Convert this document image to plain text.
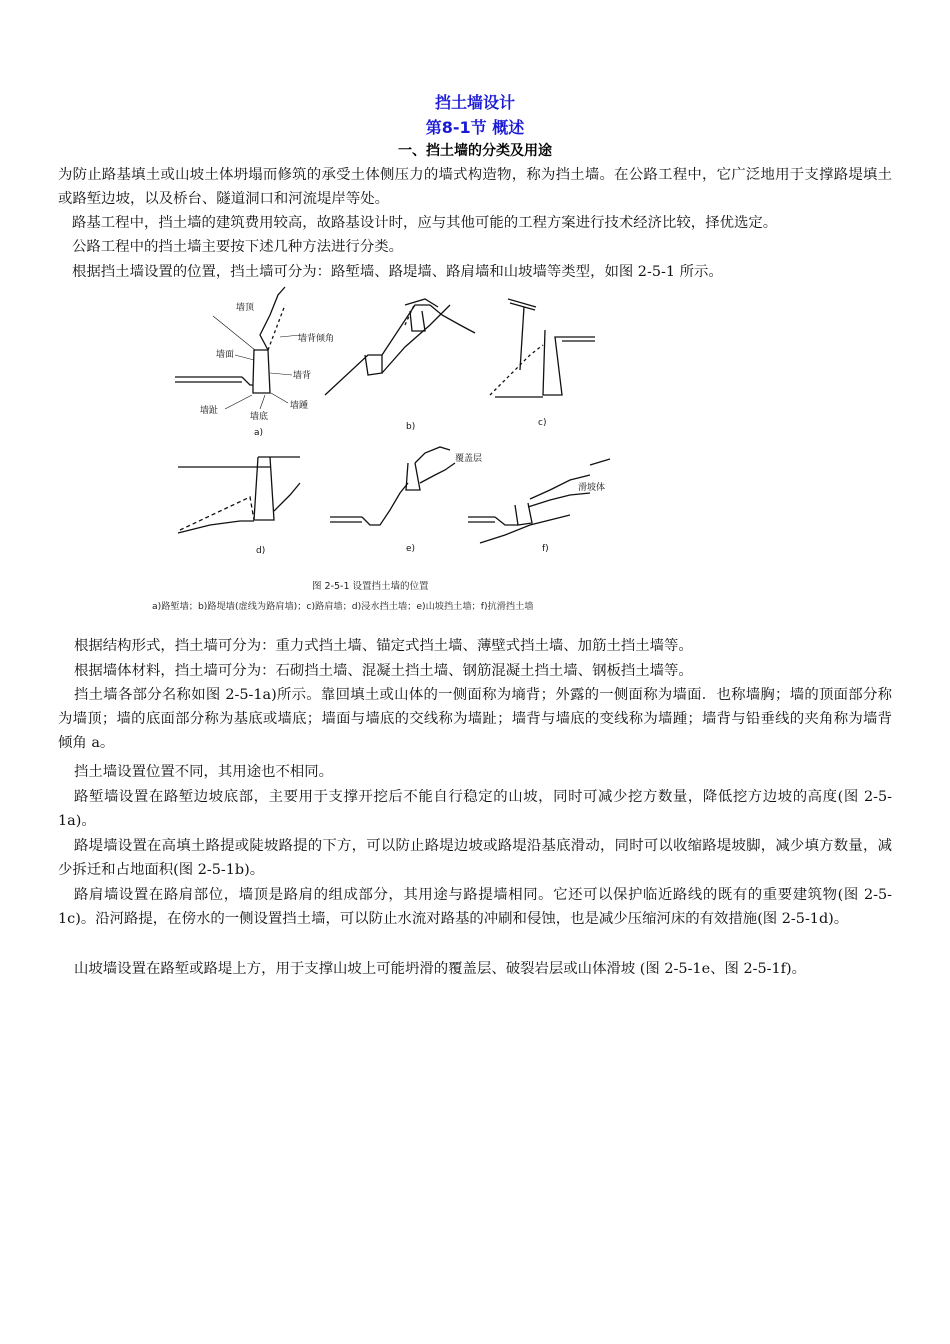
挡土墙设计
第8-1节 概述
一、挡土墙的分类及用途
为防止路基填土或山坡土体坍塌而修筑的承受土体侧压力的墙式构造物，称为挡土墙。在公路工程中，它广泛地用于支撑路堤填土或路堑边坡，以及桥台、隧道洞口和河流堤岸等处。
路基工程中，挡土墙的建筑费用较高，故路基设计时，应与其他可能的工程方案进行技术经济比较，择优选定。
公路工程中的挡土墙主要按下述几种方法进行分类。
根据挡土墙设置的位置，挡土墙可分为：路堑墙、路堤墙、路肩墙和山坡墙等类型，如图 2-5-1 所示。
墙顶
墙背倾角
墙面
墙背
墙趾
墙底
墙踵
覆盖层
滑坡体
a)
b)	c)
d)	e)	f)
图 2-5-1 设置挡土墙的位置
a)路堑墙；b)路堤墙(虚线为路肩墙)；c)路肩墙；d)浸水挡土墙；e)山坡挡土墙；f)抗滑挡土墙
根据结构形式，挡土墙可分为：重力式挡土墙、锚定式挡土墙、薄壁式挡土墙、加筋土挡土墙等。
根据墙体材料，挡土墙可分为：石砌挡土墙、混凝土挡土墙、钢筋混凝土挡土墙、钢板挡土墙等。
挡土墙各部分名称如图 2-5-1a)所示。靠回填土或山体的一侧面称为墒背；外露的一侧面称为墙面．也称墙胸；墙的顶面部分称为墙顶；墙的底面部分称为基底或墙底；墙面与墙底的交线称为墙趾；墙背与墙底的变线称为墙踵；墙背与铅垂线的夹角称为墙背倾角 a。
挡土墙设置位置不同，其用途也不相同。
路堑墙设置在路堑边坡底部，主要用于支撑开挖后不能自行稳定的山坡，同时可减少挖方数量，降低挖方边坡的高度(图 2-5-1a)。
路堤墙设置在高填土路提或陡坡路提的下方，可以防止路堤边坡或路堤沿基底滑动，同时可以收缩路堤坡脚，减少填方数量，减少拆迁和占地面积(图 2-5-1b)。
路肩墙设置在路肩部位，墙顶是路肩的组成部分，其用途与路提墙相同。它还可以保护临近路线的既有的重要建筑物(图 2-5-1c)。沿河路提，在傍水的一侧设置挡土墙，可以防止水流对路基的冲刷和侵蚀，也是减少压缩河床的有效措施(图 2-5-1d)。
山坡墙设置在路堑或路堤上方，用于支撑山坡上可能坍滑的覆盖层、破裂岩层或山体滑坡 (图 2-5-1e、图 2-5-1f)。
